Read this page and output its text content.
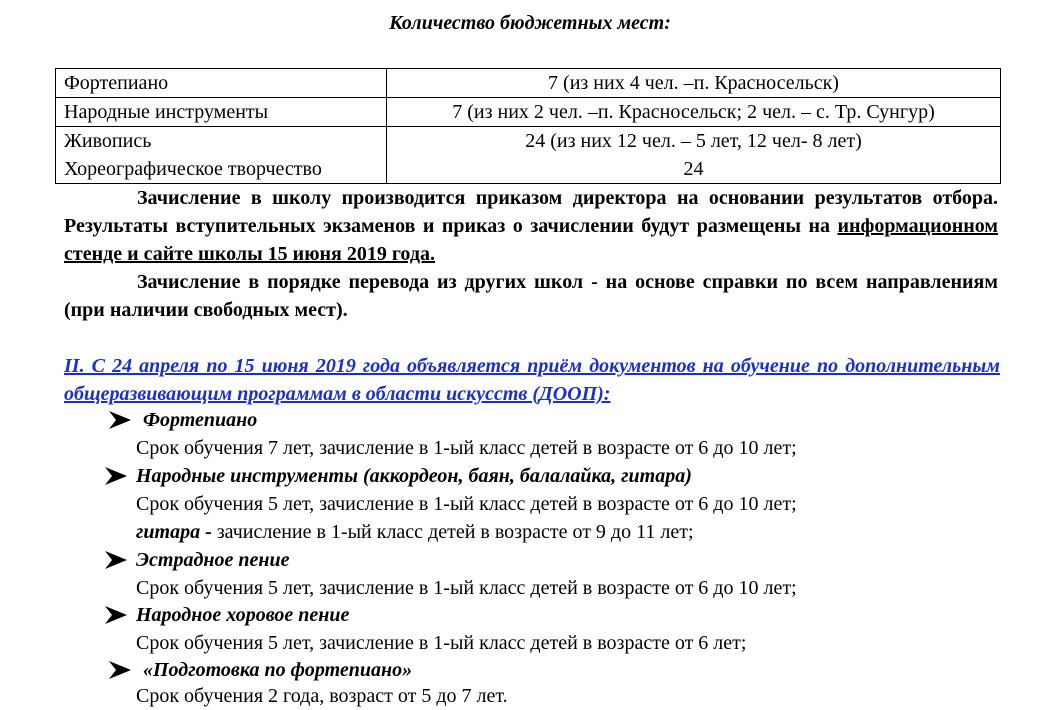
Количество бюджетных мест:
Фортепиано	7 (из них 4 чел. –п. Красносельск)
Народные инструменты	7 (из них 2 чел. –п. Красносельск; 2 чел. – с. Тр. Сунгур)
Живопись	24 (из них 12 чел. – 5 лет, 12 чел- 8 лет)
Хореографическое творчество	24
Зачисление в школу производится приказом директора на основании результатов отбора. Результаты вступительных экзаменов и приказ о зачислении будут размещены на информационном стенде и сайте школы 15 июня 2019 года.
Зачисление в порядке перевода из других школ - на основе справки по всем направлениям (при наличии свободных мест).
II. С 24 апреля по 15 июня 2019 года объявляется приём документов на обучение по дополнительным общеразвивающим программам в области искусств (ДООП):
Фортепиано
Срок обучения 7 лет, зачисление в 1-ый класс детей в возрасте от 6 до 10 лет;
Народные инструменты (аккордеон, баян, балалайка, гитара)
Срок обучения 5 лет, зачисление в 1-ый класс детей в возрасте от 6 до 10 лет;
гитара - зачисление в 1-ый класс детей в возрасте от 9 до 11 лет;
Эстрадное пение
Срок обучения 5 лет, зачисление в 1-ый класс детей в возрасте от 6 до 10 лет;
Народное хоровое пение
Срок обучения 5 лет, зачисление в 1-ый класс детей в возрасте от 6 лет;
«Подготовка по фортепиано»
Срок обучения 2 года, возраст от 5 до 7 лет.
